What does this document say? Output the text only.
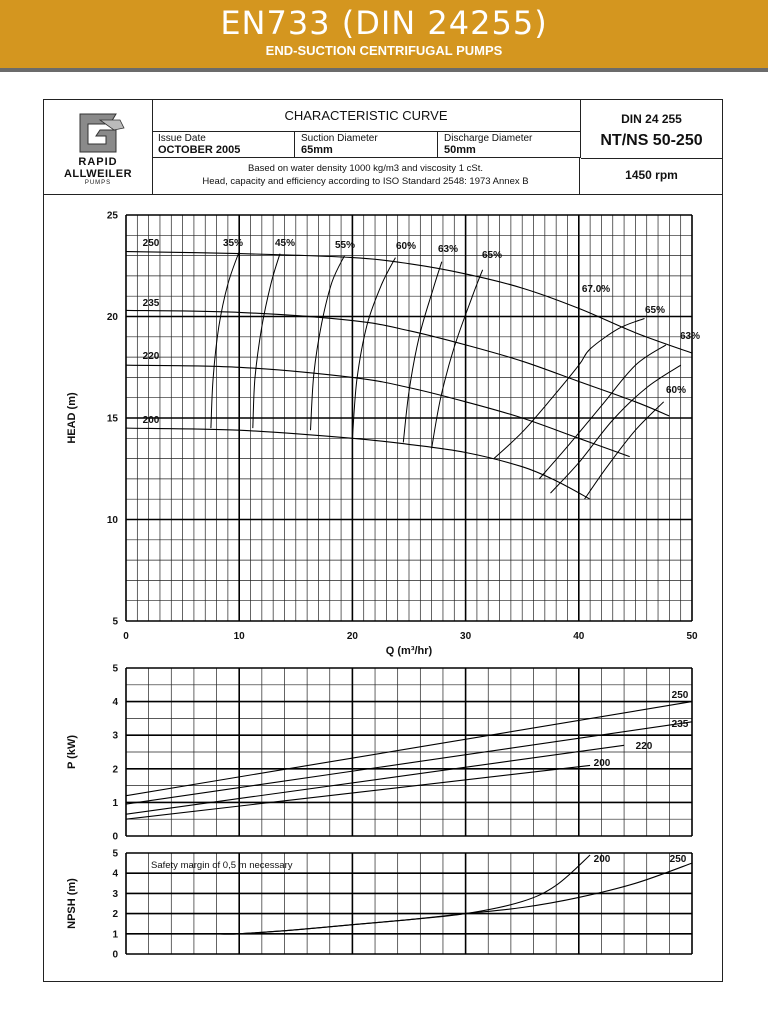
EN733 (DIN 24255)
END-SUCTION CENTRIFUGAL PUMPS
RAPID
ALLWEILER
PUMPS
CHARACTERISTIC CURVE
Issue Date
OCTOBER 2005
Suction Diameter
65mm
Discharge Diameter
50mm
Based on water density 1000 kg/m3 and viscosity 1 cSt.
Head, capacity and efficiency according to ISO Standard 2548: 1973 Annex B
DIN 24 255
NT/NS 50-250
1450 rpm
5
10
15
20
25
0	10	20	30	40	50
HEAD (m)
Q (m³/hr)
35%	45%	55%	60% 63%
65%
67.0%
65%
63%
60%
250
235
220
200
0
1
2
3
4
5
P (kW)
250
235
220
200
0
1
2
3
4
5
NPSH (m)
200	250
Safety margin of 0,5 m necessary
